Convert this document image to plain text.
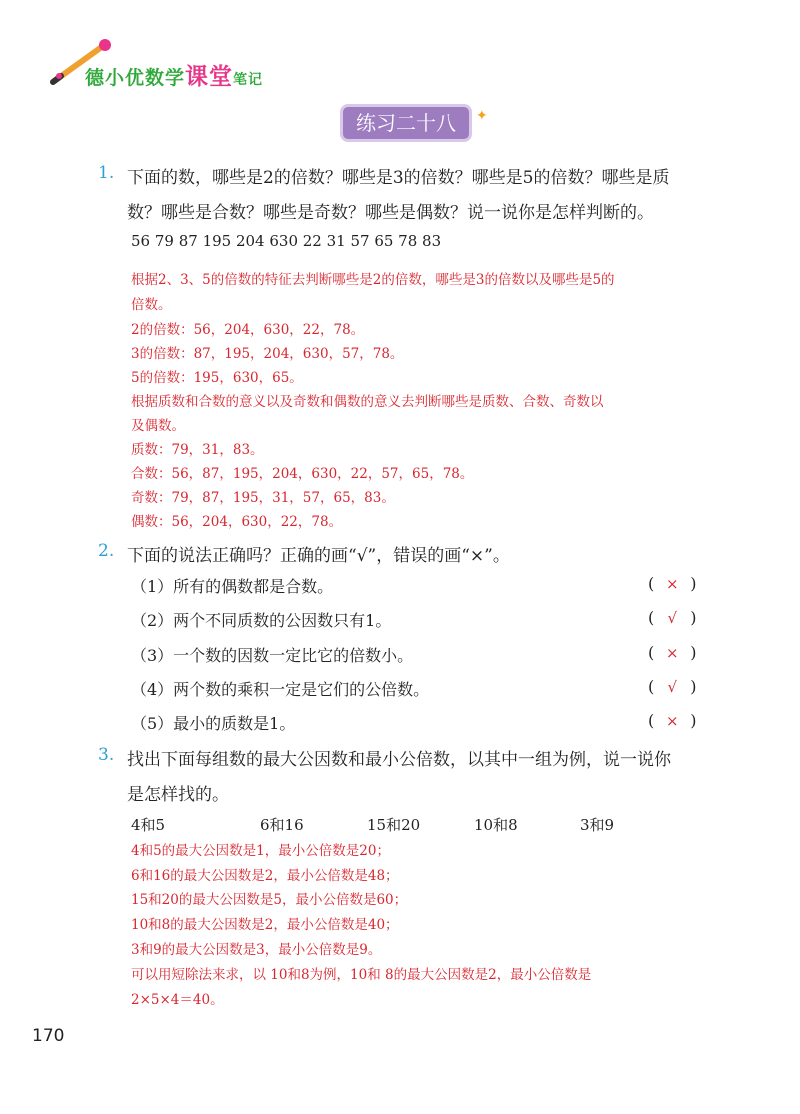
德小优数学课堂笔记
练习二十八	✦
1. 下面的数，哪些是2的倍数？哪些是3的倍数？哪些是5的倍数？哪些是质
数？哪些是合数？哪些是奇数？哪些是偶数？说一说你是怎样判断的。
56 79 87 195 204 630 22 31 57 65 78 83
根据2、3、5的倍数的特征去判断哪些是2的倍数，哪些是3的倍数以及哪些是5的
倍数。
2的倍数：56，204，630，22，78。
3的倍数：87，195，204，630，57，78。
5的倍数：195，630，65。
根据质数和合数的意义以及奇数和偶数的意义去判断哪些是质数、合数、奇数以
及偶数。
质数：79，31，83。
合数：56，87，195，204，630，22，57，65，78。
奇数：79，87，195，31，57，65，83。
偶数：56，204，630，22，78。
2. 下面的说法正确吗？正确的画“√”，错误的画“×”。
（1）所有的偶数都是合数。	( × )
（2）两个不同质数的公因数只有1。	( √ )
（3）一个数的因数一定比它的倍数小。	( × )
（4）两个数的乘积一定是它们的公倍数。	( √ )
（5）最小的质数是1。	( × )
3. 找出下面每组数的最大公因数和最小公倍数，以其中一组为例，说一说你
是怎样找的。
4和5	6和16	15和20	10和8	3和9
4和5的最大公因数是1，最小公倍数是20；
6和16的最大公因数是2，最小公倍数是48；
15和20的最大公因数是5，最小公倍数是60；
10和8的最大公因数是2，最小公倍数是40；
3和9的最大公因数是3，最小公倍数是9。
可以用短除法来求，以 10和8为例，10和 8的最大公因数是2，最小公倍数是
2×5×4＝40。
170
